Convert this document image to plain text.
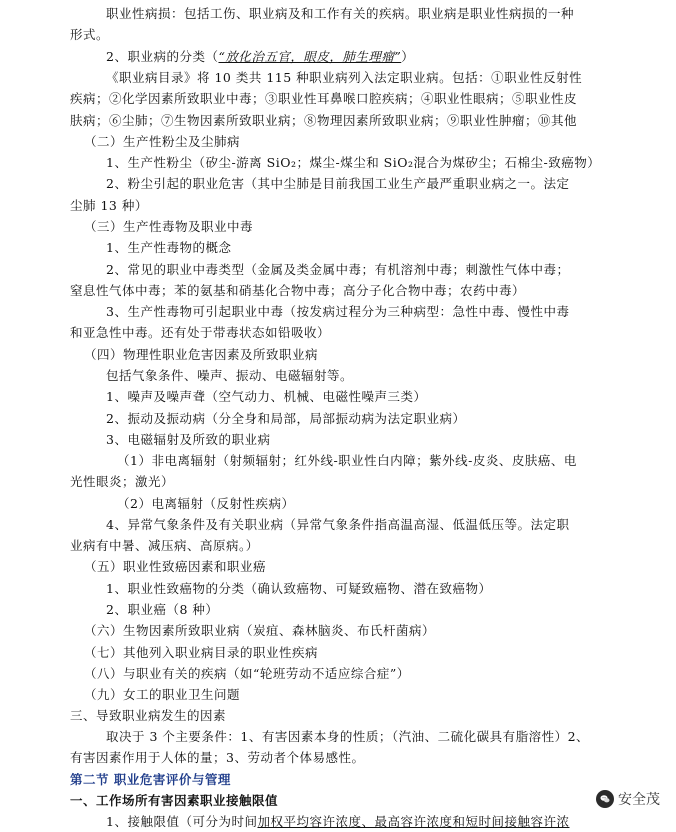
职业性病损：包括工伤、职业病及和工作有关的疾病。职业病是职业性病损的一种
形式。
2、职业病的分类（“放化治五官，眼皮，肺生理瘤”）
《职业病目录》将 10 类共 115 种职业病列入法定职业病。包括：①职业性反射性
疾病；②化学因素所致职业中毒；③职业性耳鼻喉口腔疾病；④职业性眼病；⑤职业性皮
肤病；⑥尘肺；⑦生物因素所致职业病；⑧物理因素所致职业病；⑨职业性肿瘤；⑩其他
（二）生产性粉尘及尘肺病
1、生产性粉尘（矽尘-游离 SiO₂；煤尘-煤尘和 SiO₂混合为煤矽尘；石棉尘-致癌物）
2、粉尘引起的职业危害（其中尘肺是目前我国工业生产最严重职业病之一。法定
尘肺 13 种）
（三）生产性毒物及职业中毒
1、生产性毒物的概念
2、常见的职业中毒类型（金属及类金属中毒；有机溶剂中毒；刺激性气体中毒；
窒息性气体中毒；苯的氨基和硝基化合物中毒；高分子化合物中毒；农药中毒）
3、生产性毒物可引起职业中毒（按发病过程分为三种病型：急性中毒、慢性中毒
和亚急性中毒。还有处于带毒状态如铅吸收）
（四）物理性职业危害因素及所致职业病
包括气象条件、噪声、振动、电磁辐射等。
1、噪声及噪声聋（空气动力、机械、电磁性噪声三类）
2、振动及振动病（分全身和局部，局部振动病为法定职业病）
3、电磁辐射及所致的职业病
（1）非电离辐射（射频辐射；红外线-职业性白内障；紫外线-皮炎、皮肤癌、电
光性眼炎；激光）
（2）电离辐射（反射性疾病）
4、异常气象条件及有关职业病（异常气象条件指高温高湿、低温低压等。法定职
业病有中暑、减压病、高原病。）
（五）职业性致癌因素和职业癌
1、职业性致癌物的分类（确认致癌物、可疑致癌物、潜在致癌物）
2、职业癌（8 种）
（六）生物因素所致职业病（炭疽、森林脑炎、布氏杆菌病）
（七）其他列入职业病目录的职业性疾病
（八）与职业有关的疾病（如“轮班劳动不适应综合症”）
（九）女工的职业卫生问题
三、导致职业病发生的因素
取决于 3 个主要条件：1、有害因素本身的性质；（汽油、二硫化碳具有脂溶性）2、
有害因素作用于人体的量；3、劳动者个体易感性。
第二节 职业危害评价与管理
一、工作场所有害因素职业接触限值
1、接触限值（可分为时间加权平均容许浓度、最高容许浓度和短时间接触容许浓
安全茂
